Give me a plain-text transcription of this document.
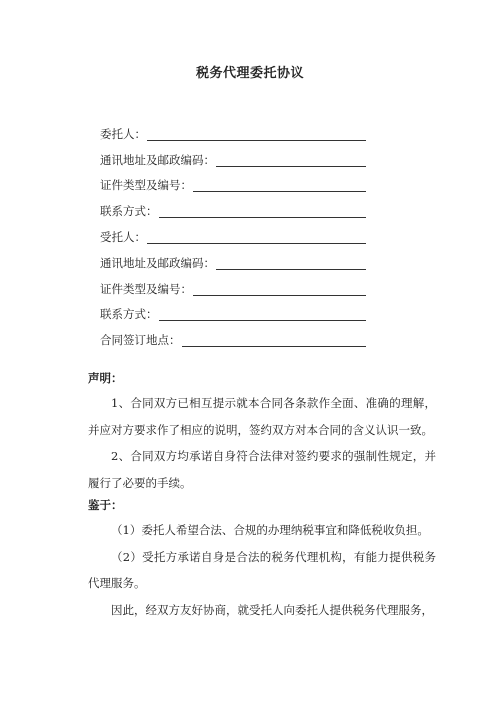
税务代理委托协议
委托人：
通讯地址及邮政编码：
证件类型及编号：
联系方式：
受托人：
通讯地址及邮政编码：
证件类型及编号：
联系方式：
合同签订地点：
声明：

1、合同双方已相互提示就本合同各条款作全面、准确的理解，并应对方要求作了相应的说明，签约双方对本合同的含义认识一致。

2、合同双方均承诺自身符合法律对签约要求的强制性规定，并履行了必要的手续。

鉴于：

（1）委托人希望合法、合规的办理纳税事宜和降低税收负担。

（2）受托方承诺自身是合法的税务代理机构，有能力提供税务代理服务。

因此，经双方友好协商，就受托人向委托人提供税务代理服务，
